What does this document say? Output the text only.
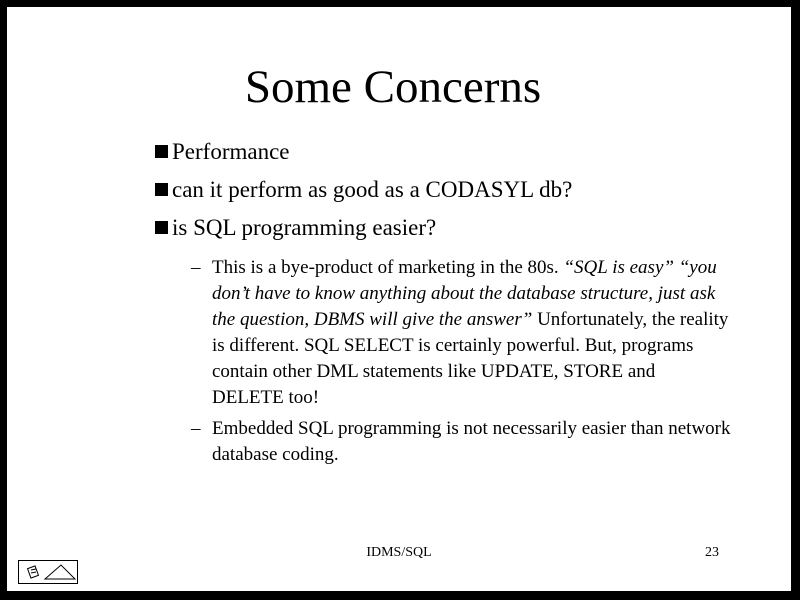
Some Concerns
Performance
can it perform as good as a CODASYL db?
is SQL programming easier?
– This is a bye-product of marketing in the 80s. “SQL is easy” “you don’t have to know anything about the database structure, just ask the question, DBMS will give the answer” Unfortunately, the reality is different. SQL SELECT is certainly powerful. But, programs contain other DML statements like UPDATE, STORE and DELETE too!
– Embedded SQL programming is not necessarily easier than network database coding.
IDMS/SQL	23
